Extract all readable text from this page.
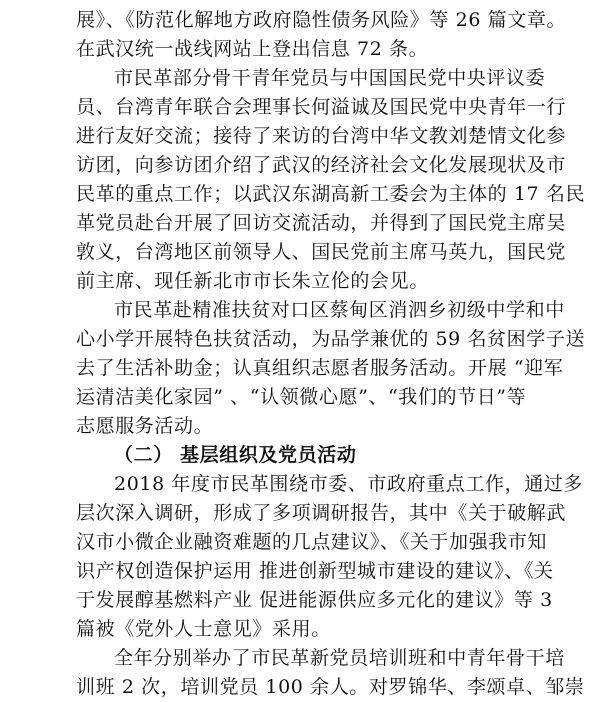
展》、《防范化解地方政府隐性债务风险》等 26 篇文章。
在武汉统一战线网站上登出信息 72 条。
市民革部分骨干青年党员与中国国民党中央评议委
员、台湾青年联合会理事长何溢诚及国民党中央青年一行
进行友好交流；接待了来访的台湾中华文教刘楚情文化参
访团，向参访团介绍了武汉的经济社会文化发展现状及市
民革的重点工作；以武汉东湖高新工委会为主体的 17 名民
革党员赴台开展了回访交流活动，并得到了国民党主席吴
敦义，台湾地区前领导人、国民党前主席马英九，国民党
前主席、现任新北市市长朱立伦的会见。
市民革赴精准扶贫对口区蔡甸区消泗乡初级中学和中
心小学开展特色扶贫活动，为品学兼优的 59 名贫困学子送
去了生活补助金；认真组织志愿者服务活动。开展 “迎军
运清洁美化家园” 、“认领微心愿”、“我们的节日”等
志愿服务活动。
（二） 基层组织及党员活动
2018 年度市民革围绕市委、市政府重点工作，通过多
层次深入调研，形成了多项调研报告，其中《关于破解武
汉市小微企业融资难题的几点建议》、《关于加强我市知
识产权创造保护运用 推进创新型城市建设的建议》、《关
于发展醇基燃料产业 促进能源供应多元化的建议》等 3
篇被《党外人士意见》采用。
全年分别举办了市民革新党员培训班和中青年骨干培
训班 2 次，培训党员 100 余人。对罗锦华、李颂卓、邹崇
